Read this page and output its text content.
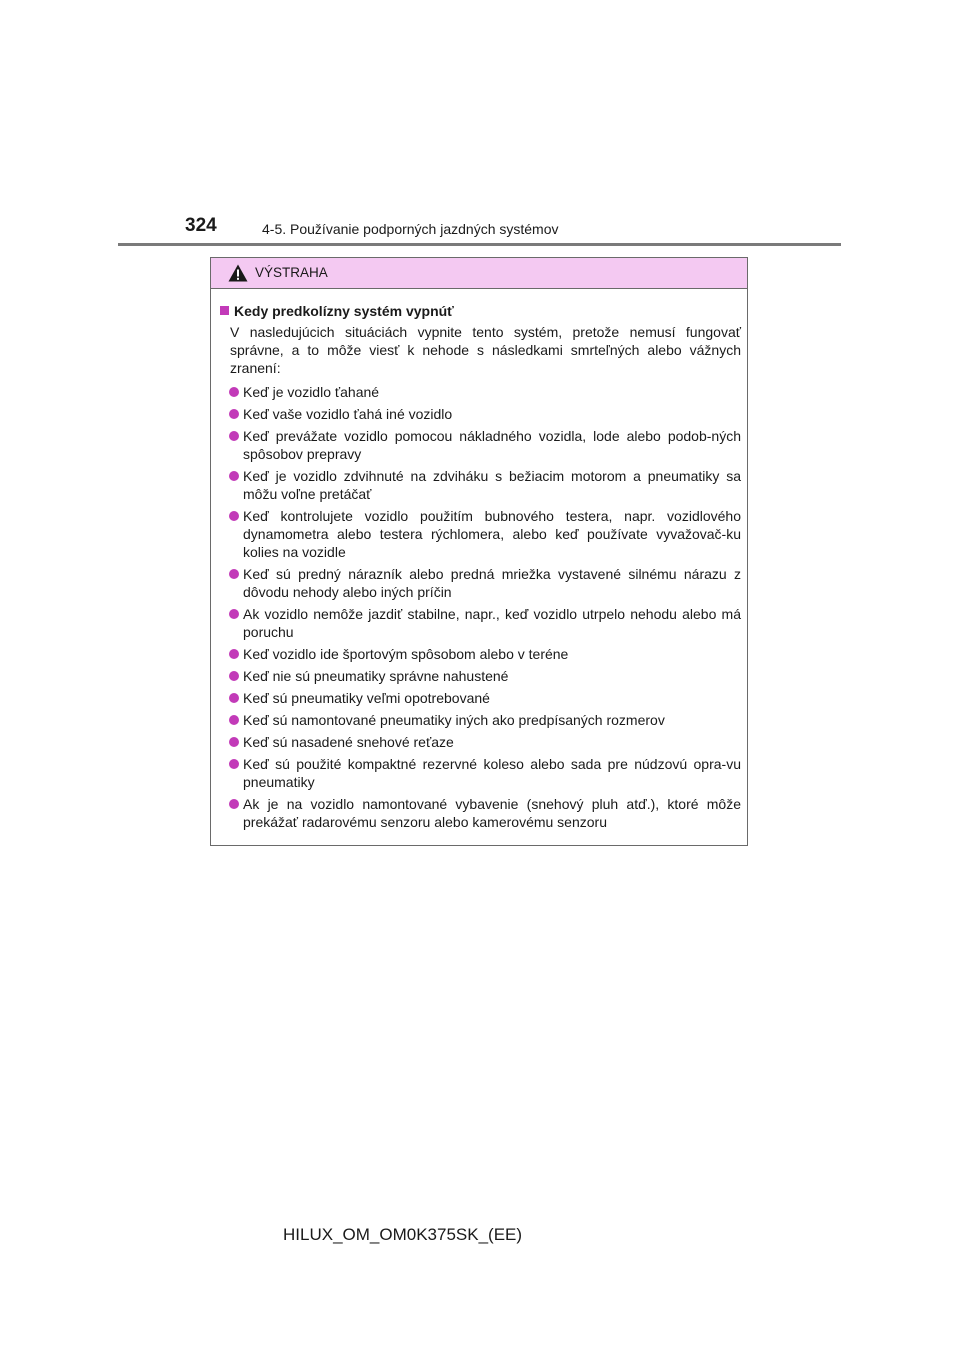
324	4-5. Používanie podporných jazdných systémov
VÝSTRAHA
Kedy predkolízny systém vypnúť
V nasledujúcich situáciách vypnite tento systém, pretože nemusí fungovať správne, a to môže viesť k nehode s následkami smrteľných alebo vážnych zranení:
Keď je vozidlo ťahané
Keď vaše vozidlo ťahá iné vozidlo
Keď prevážate vozidlo pomocou nákladného vozidla, lode alebo podob-ných spôsobov prepravy
Keď je vozidlo zdvihnuté na zdviháku s bežiacim motorom a pneumatiky sa môžu voľne pretáčať
Keď kontrolujete vozidlo použitím bubnového testera, napr. vozidlového dynamometra alebo testera rýchlomera, alebo keď používate vyvažovač-ku kolies na vozidle
Keď sú predný nárazník alebo predná mriežka vystavené silnému nárazu z dôvodu nehody alebo iných príčin
Ak vozidlo nemôže jazdiť stabilne, napr., keď vozidlo utrpelo nehodu alebo má poruchu
Keď vozidlo ide športovým spôsobom alebo v teréne
Keď nie sú pneumatiky správne nahustené
Keď sú pneumatiky veľmi opotrebované
Keď sú namontované pneumatiky iných ako predpísaných rozmerov
Keď sú nasadené snehové reťaze
Keď sú použité kompaktné rezervné koleso alebo sada pre núdzovú opra-vu pneumatiky
Ak je na vozidlo namontované vybavenie (snehový pluh atď.), ktoré môže prekážať radarovému senzoru alebo kamerovému senzoru
HILUX_OM_OM0K375SK_(EE)
